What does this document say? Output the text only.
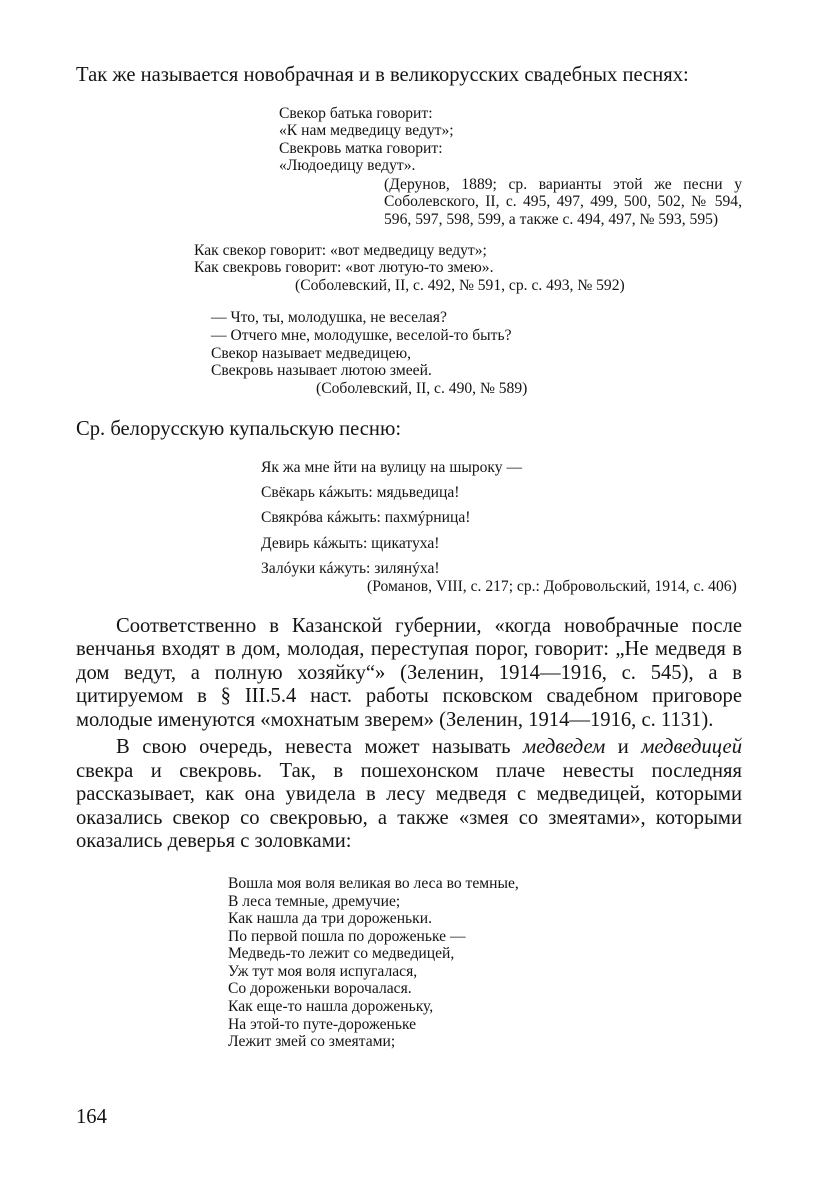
Так же называется новобрачная и в великорусских свадебных песнях:

Свекор батька говорит:
«К нам медведицу ведут»;
Свекровь матка говорит:
«Людоедицу ведут».

(Дерунов, 1889; ср. варианты этой же песни у Соболевского, II, с. 495, 497, 499, 500, 502, № 594, 596, 597, 598, 599, а также с. 494, 497, № 593, 595)

Как свекор говорит: «вот медведицу ведут»;
Как свекровь говорит: «вот лютую-то змею».

(Соболевский, II, с. 492, № 591, ср. с. 493, № 592)

— Что, ты, молодушка, не веселая?
— Отчего мне, молодушке, веселой-то быть?
Свекор называет медведицею,
Свекровь называет лютою змеей.

(Соболевский, II, с. 490, № 589)

Ср. белорусскую купальскую песню:

Як жа мне йти на вулицу на шыроку —
Свёкарь кáжыть: мядьведица!
Свякрóва кáжыть: пахмýрница!
Девирь кáжыть: щикатуха!
Залóуки кáжуть: зилянýха!

(Романов, VIII, с. 217; ср.: Добровольский, 1914, с. 406)

Соответственно в Казанской губернии, «когда новобрачные после венчанья входят в дом, молодая, переступая порог, говорит: „Не медведя в дом ведут, а полную хозяйку“» (Зеленин, 1914—1916, с. 545), а в цитируемом в § III.5.4 наст. работы псковском свадебном приговоре молодые именуются «мохнатым зверем» (Зеленин, 1914—1916, с. 1131).

В свою очередь, невеста может называть медведем и медведицей свекра и свекровь. Так, в пошехонском плаче невесты последняя рассказывает, как она увидела в лесу медведя с медведицей, которыми оказались свекор со свекровью, а также «змея со змеятами», которыми оказались деверья с золовками:

Вошла моя воля великая во леса во темные,
В леса темные, дремучие;
Как нашла да три дороженьки.
По первой пошла по дороженьке —
Медведь-то лежит со медведицей,
Уж тут моя воля испугалася,
Со дороженьки ворочалася.
Как еще-то нашла дороженьку,
На этой-то путе-дороженьке
Лежит змей со змеятами;
164
